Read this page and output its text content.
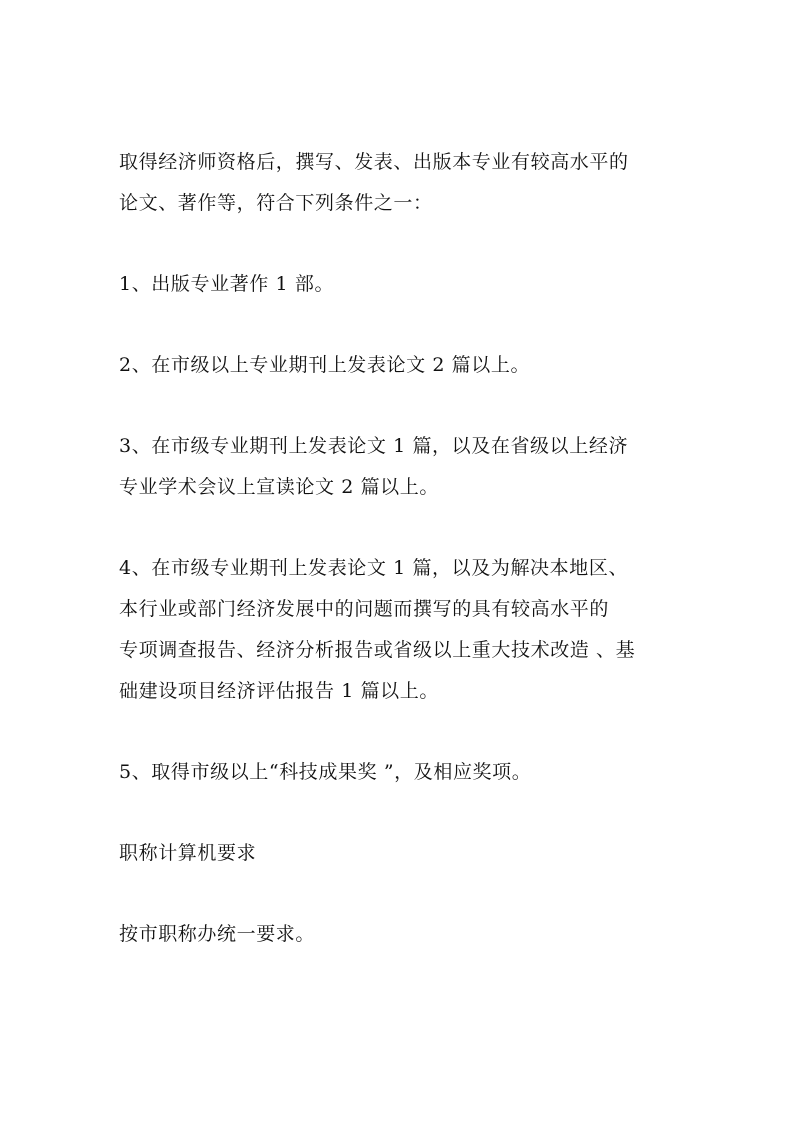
取得经济师资格后，撰写、发表、出版本专业有较高水平的
论文、著作等，符合下列条件之一：
1、出版专业著作 1 部。
2、在市级以上专业期刊上发表论文 2 篇以上。
3、在市级专业期刊上发表论文 1 篇，以及在省级以上经济
专业学术会议上宣读论文 2 篇以上。
4、在市级专业期刊上发表论文 1 篇，以及为解决本地区、
本行业或部门经济发展中的问题而撰写的具有较高水平的
专项调查报告、经济分析报告或省级以上重大技术改造 、基
础建设项目经济评估报告 1 篇以上。
5、取得市级以上“科技成果奖 ”，及相应奖项。
职称计算机要求
按市职称办统一要求。
